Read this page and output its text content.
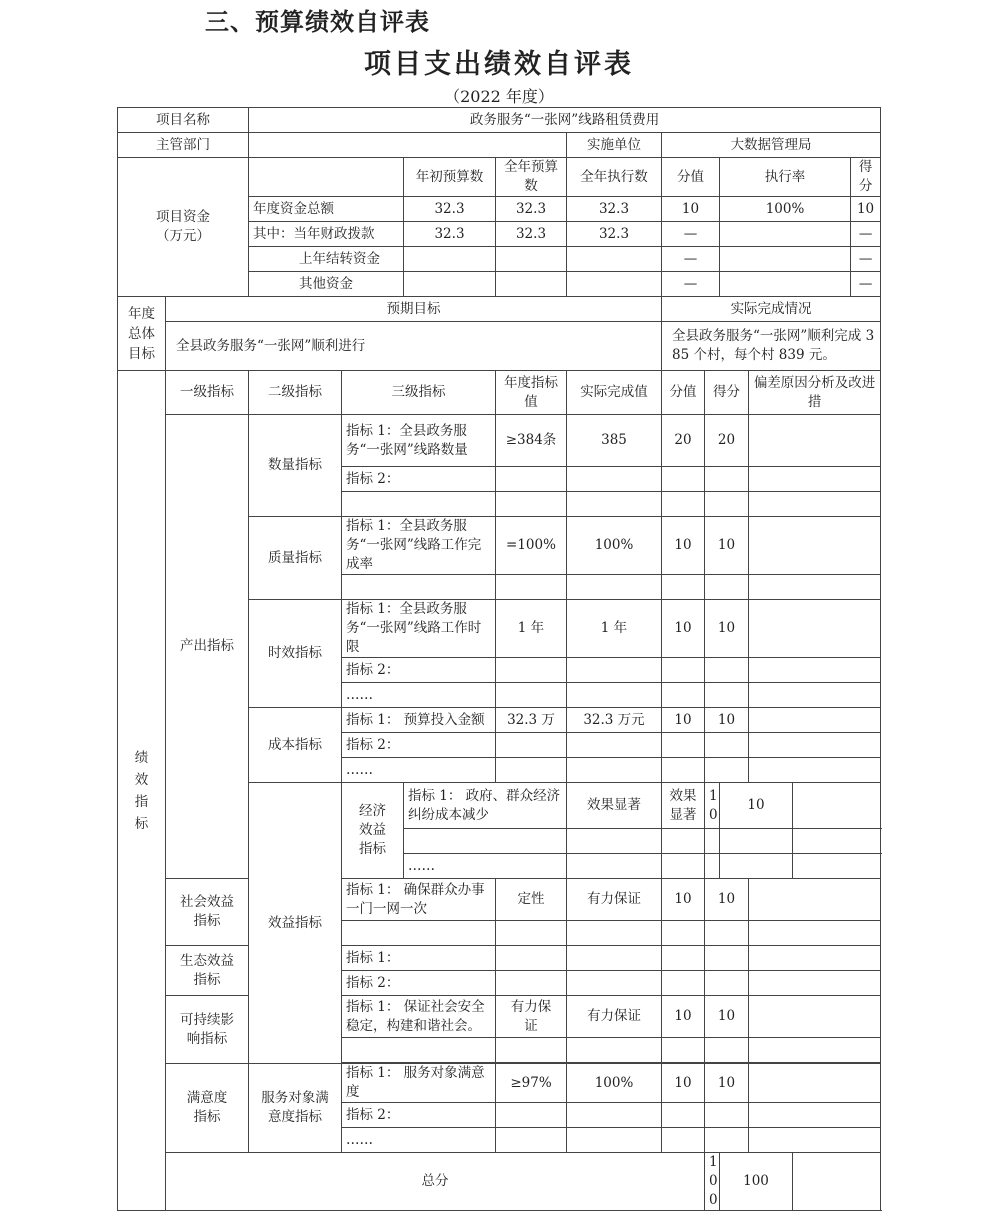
三、预算绩效自评表
项目支出绩效自评表
（2022 年度）
项目名称		政务服务“一张网”线路租赁费用										
主管部门						实施单位	大数据管理局					
项目资金
（万元）				年初预算数	全年预算数	全年执行数	分值		执行率			得分
		年度资金总额		32.3	32.3	32.3	10		100%			10
		其中：当年财政拨款		32.3	32.3	32.3	—					—
		上年结转资金					—					—
		其他资金					—					—
年度总体目标	预期目标						实际完成情况					
	全县政务服务“一张网”顺利进行						全县政务服务“一张网”顺利完成 385 个村，每个村 839 元。					
绩效指标	一级指标	二级指标	三级指标		年度指标值	实际完成值	分值	得分		偏差原因分析及改进措		
	产出指标	数量指标	指标 1：全县政务服务“一张网”线路数量		≥384条	385	20	20				
			指标 2：									

		质量指标	指标 1：全县政务服务“一张网”线路工作完成率		=100%	100%	10	10				

		时效指标	指标 1：全县政务服务“一张网”线路工作时限		1 年	1 年	10	10				
			指标 2：									
			……									
		成本指标	指标 1： 预算投入金额		32.3 万	32.3 万元	10	10				
			指标 2：									
			……									
		效益指标	经济效益指标	指标 1： 政府、群众经济纠纷成本减少		效果显著	效果显著	10	10			

				……								
	社会效益指标		指标 1： 确保群众办事一门一网一次		定性	有力保证	10	10				

	生态效益指标		指标 1：									
			指标 2：									
	可持续影响指标		指标 1： 保证社会安全稳定，构建和谐社会。		有力保证	有力保证	10	10				

	满意度指标	服务对象满意度指标	指标 1： 服务对象满意度		≥97%	100%	10	10				
			指标 2：									
			……									
	总分							100	100			
